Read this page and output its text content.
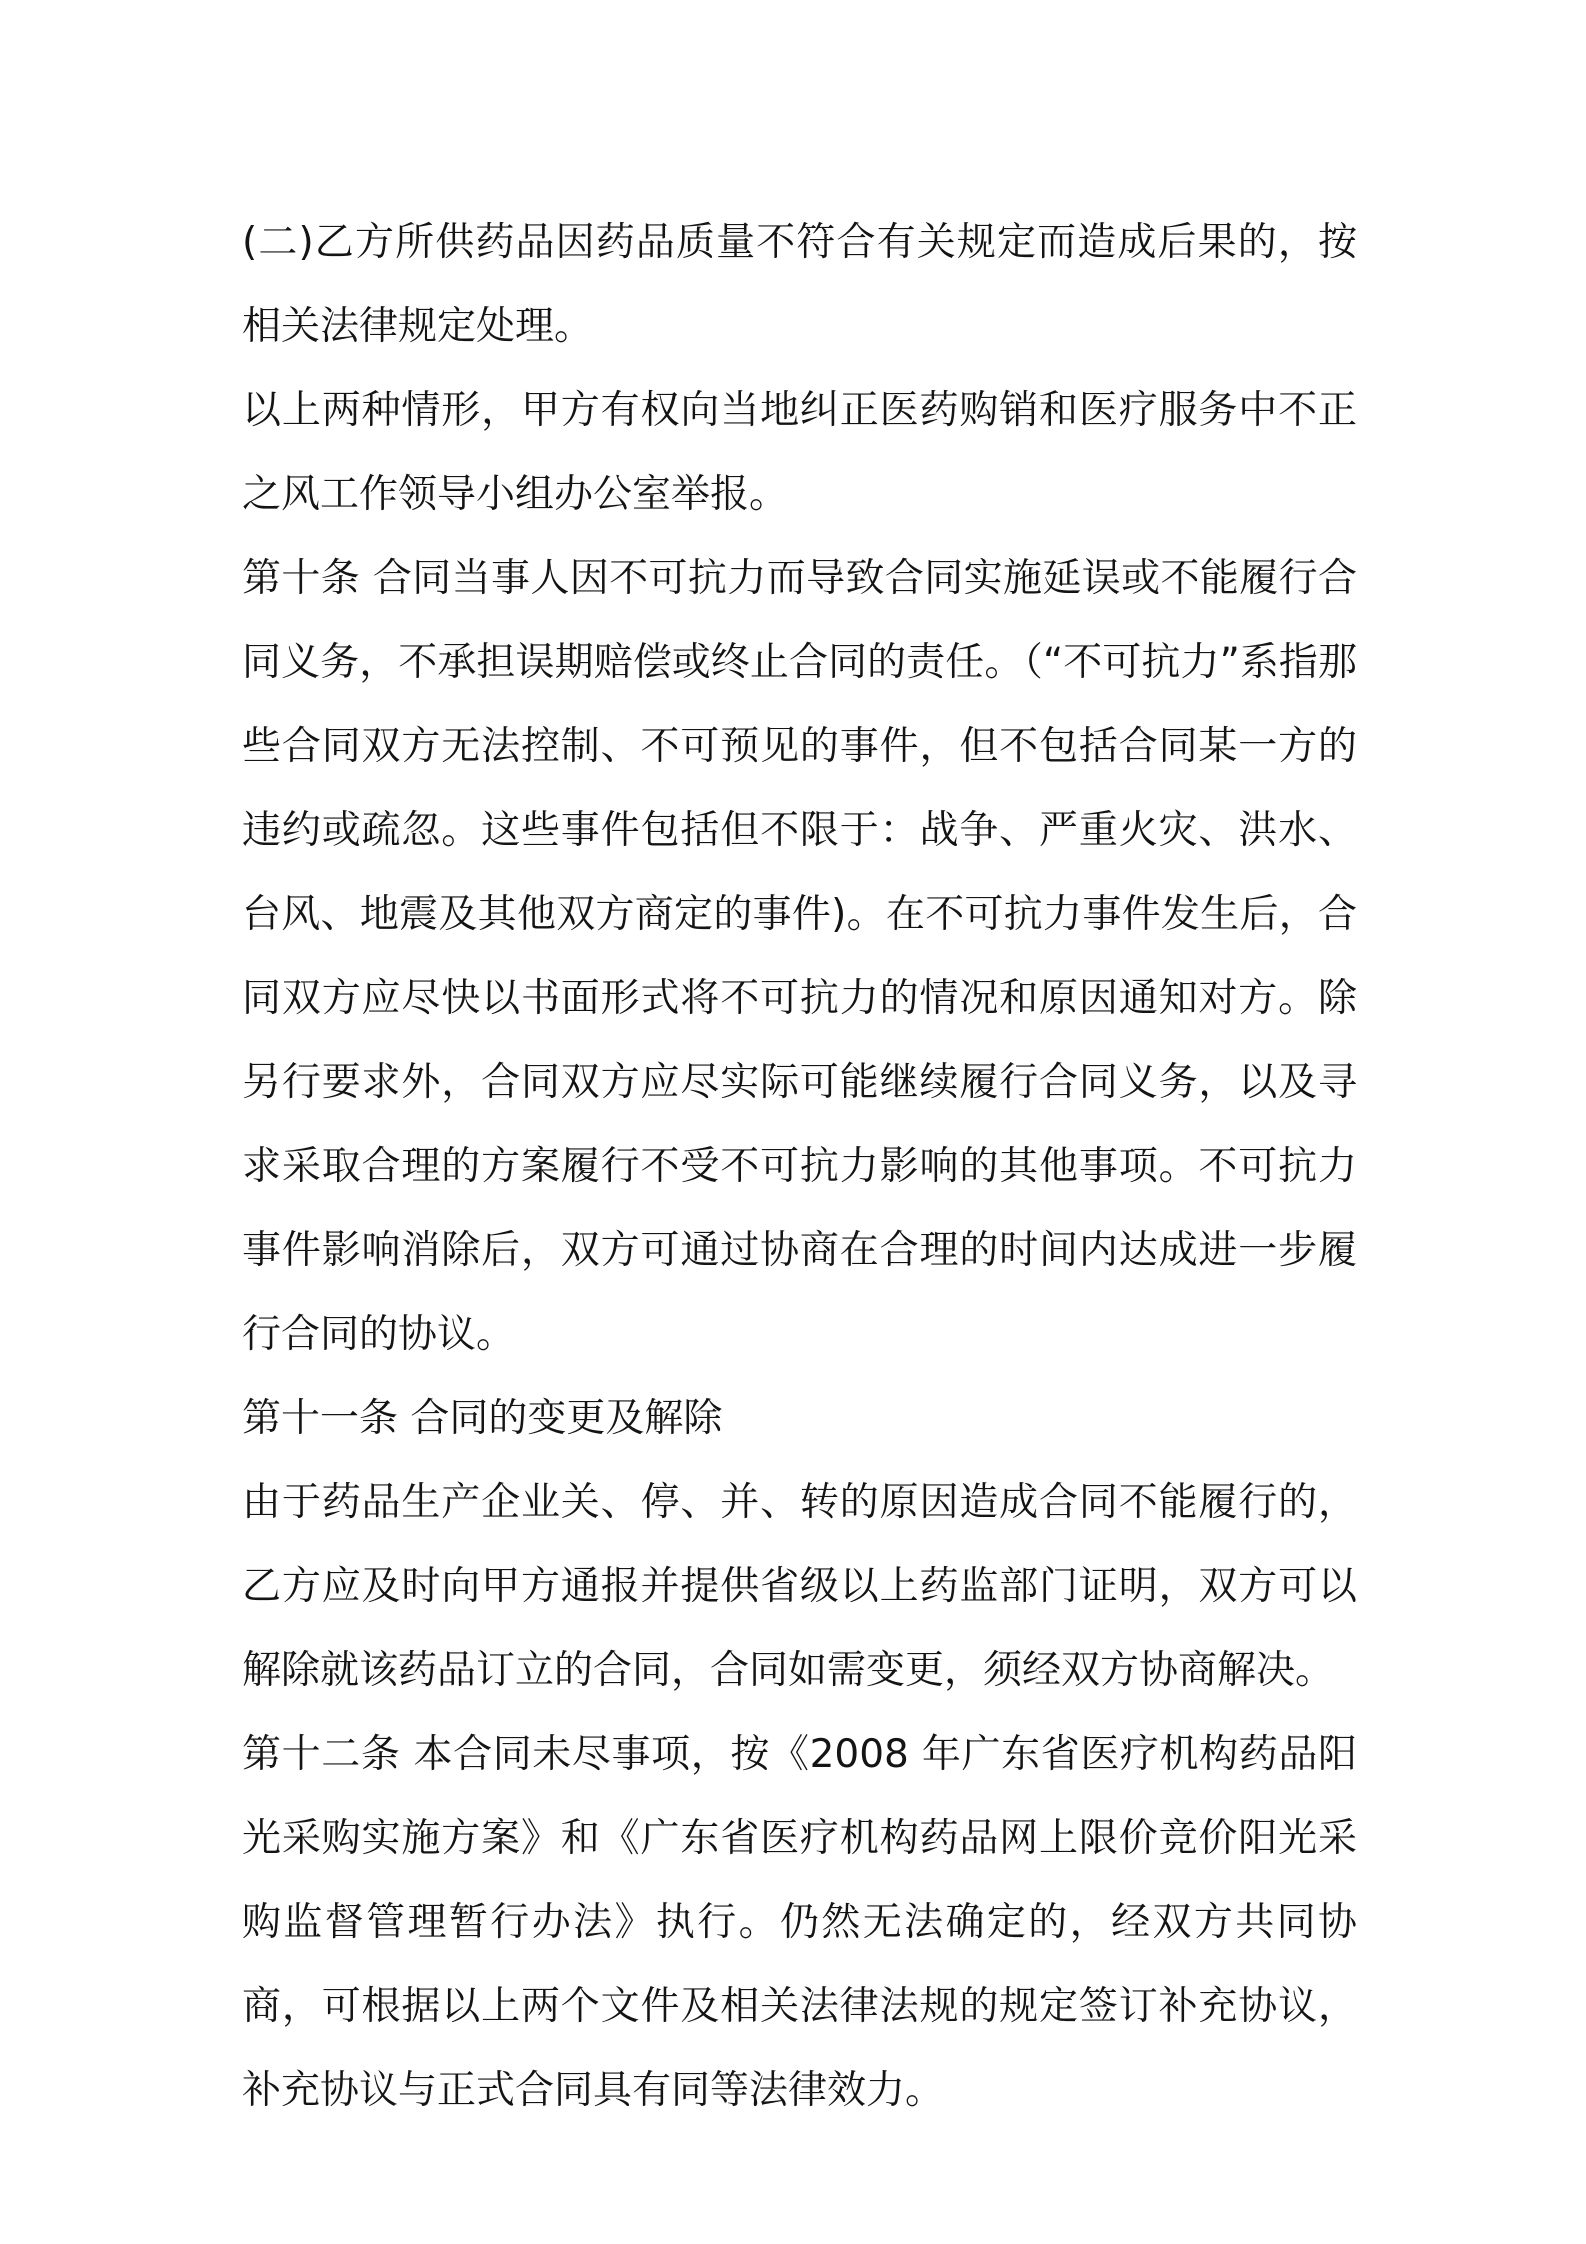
(二)乙方所供药品因药品质量不符合有关规定而造成后果的，按相关法律规定处理。

以上两种情形，甲方有权向当地纠正医药购销和医疗服务中不正之风工作领导小组办公室举报。

第十条 合同当事人因不可抗力而导致合同实施延误或不能履行合同义务，不承担误期赔偿或终止合同的责任。（“不可抗力”系指那些合同双方无法控制、不可预见的事件，但不包括合同某一方的违约或疏忽。这些事件包括但不限于：战争、严重火灾、洪水、台风、地震及其他双方商定的事件)。在不可抗力事件发生后，合同双方应尽快以书面形式将不可抗力的情况和原因通知对方。除另行要求外，合同双方应尽实际可能继续履行合同义务，以及寻求采取合理的方案履行不受不可抗力影响的其他事项。不可抗力事件影响消除后，双方可通过协商在合理的时间内达成进一步履行合同的协议。

第十一条 合同的变更及解除

由于药品生产企业关、停、并、转的原因造成合同不能履行的，乙方应及时向甲方通报并提供省级以上药监部门证明，双方可以解除就该药品订立的合同，合同如需变更，须经双方协商解决。

第十二条 本合同未尽事项，按《2008 年广东省医疗机构药品阳光采购实施方案》和《广东省医疗机构药品网上限价竞价阳光采购监督管理暂行办法》执行。仍然无法确定的，经双方共同协商，可根据以上两个文件及相关法律法规的规定签订补充协议，补充协议与正式合同具有同等法律效力。
